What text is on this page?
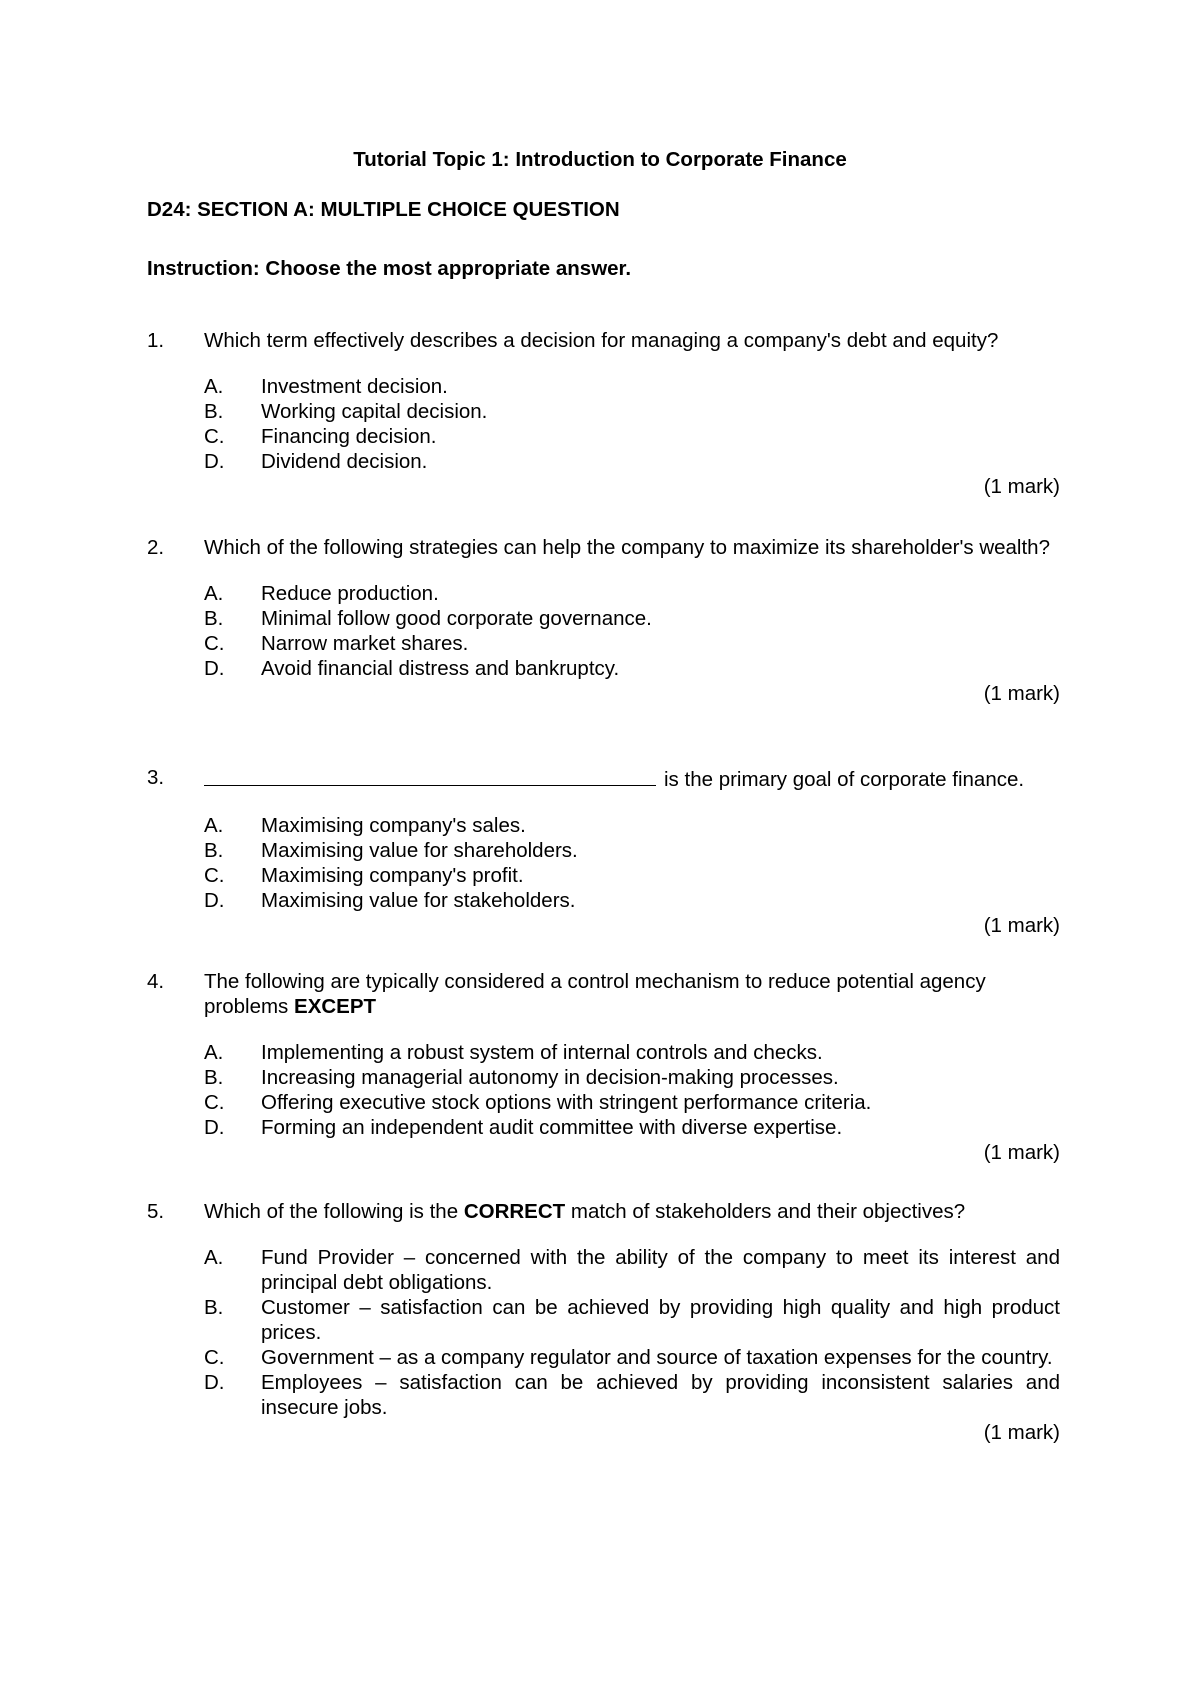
Tutorial Topic 1: Introduction to Corporate Finance
D24: SECTION A: MULTIPLE CHOICE QUESTION
Instruction: Choose the most appropriate answer.
1.	Which term effectively describes a decision for managing a company's debt and equity?
A.	Investment decision.
B.	Working capital decision.
C.	Financing decision.
D.	Dividend decision.
(1 mark)
2.	Which of the following strategies can help the company to maximize its shareholder's wealth?
A.	Reduce production.
B.	Minimal follow good corporate governance.
C.	Narrow market shares.
D.	Avoid financial distress and bankruptcy.
(1 mark)
3.	is the primary goal of corporate finance.
A.	Maximising company's sales.
B.	Maximising value for shareholders.
C.	Maximising company's profit.
D.	Maximising value for stakeholders.
(1 mark)
4.	The following are typically considered a control mechanism to reduce potential agency problems EXCEPT
A.	Implementing a robust system of internal controls and checks.
B.	Increasing managerial autonomy in decision-making processes.
C.	Offering executive stock options with stringent performance criteria.
D.	Forming an independent audit committee with diverse expertise.
(1 mark)
5.	Which of the following is the CORRECT match of stakeholders and their objectives?
A.	Fund Provider – concerned with the ability of the company to meet its interest and principal debt obligations.
B.	Customer – satisfaction can be achieved by providing high quality and high product prices.
C.	Government – as a company regulator and source of taxation expenses for the country.
D.	Employees – satisfaction can be achieved by providing inconsistent salaries and insecure jobs.
(1 mark)
